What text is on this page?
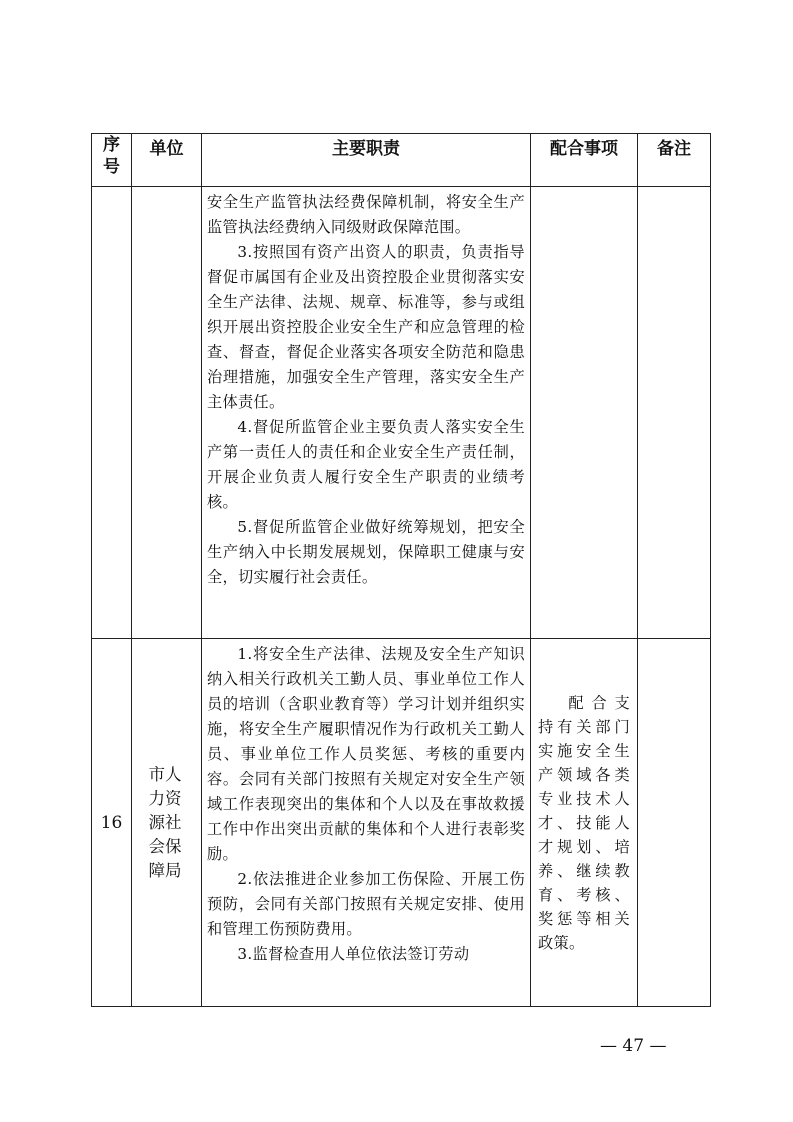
序号	单位	主要职责	配合事项	备注

		安全生产监管执法经费保障机制，将安全生产监管执法经费纳入同级财政保障范围。

3.按照国有资产出资人的职责，负责指导督促市属国有企业及出资控股企业贯彻落实安全生产法律、法规、规章、标准等，参与或组织开展出资控股企业安全生产和应急管理的检查、督查，督促企业落实各项安全防范和隐患治理措施，加强安全生产管理，落实安全生产主体责任。

4.督促所监管企业主要负责人落实安全生产第一责任人的责任和企业安全生产责任制，开展企业负责人履行安全生产职责的业绩考核。

5.督促所监管企业做好统筹规划，把安全生产纳入中长期发展规划，保障职工健康与安全，切实履行社会责任。		

16	市人力资源社会保障局	1.将安全生产法律、法规及安全生产知识纳入相关行政机关工勤人员、事业单位工作人员的培训（含职业教育等）学习计划并组织实施，将安全生产履职情况作为行政机关工勤人员、事业单位工作人员奖惩、考核的重要内容。会同有关部门按照有关规定对安全生产领域工作表现突出的集体和个人以及在事故救援工作中作出突出贡献的集体和个人进行表彰奖励。

2.依法推进企业参加工伤保险、开展工伤预防，会同有关部门按照有关规定安排、使用和管理工伤预防费用。

3.监督检查用人单位依法签订劳动	配合支持有关部门实施安全生产领域各类专业技术人才、技能人才规划、培养、继续教育、考核、奖惩等相关政策。	

— 47 —
